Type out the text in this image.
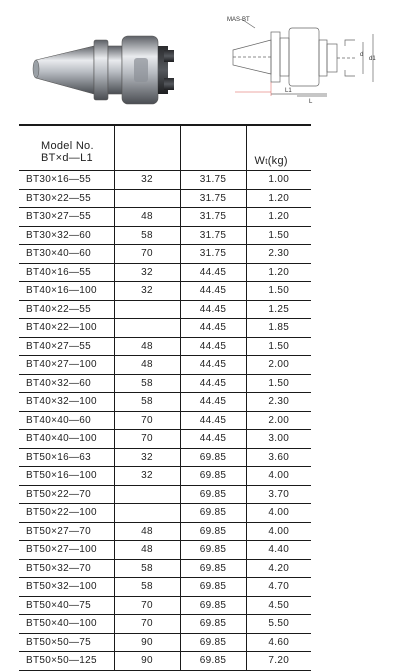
MAS-BT
L1
L
d
d1
Model No.
BT×d—L1			Wt(kg)
BT30×16—55	32	31.75	1.00
BT30×22—55		31.75	1.20
BT30×27—55	48	31.75	1.20
BT30×32—60	58	31.75	1.50
BT30×40—60	70	31.75	2.30
BT40×16—55	32	44.45	1.20
BT40×16—100	32	44.45	1.50
BT40×22—55		44.45	1.25
BT40×22—100		44.45	1.85
BT40×27—55	48	44.45	1.50
BT40×27—100	48	44.45	2.00
BT40×32—60	58	44.45	1.50
BT40×32—100	58	44.45	2.30
BT40×40—60	70	44.45	2.00
BT40×40—100	70	44.45	3.00
BT50×16—63	32	69.85	3.60
BT50×16—100	32	69.85	4.00
BT50×22—70		69.85	3.70
BT50×22—100		69.85	4.00
BT50×27—70	48	69.85	4.00
BT50×27—100	48	69.85	4.40
BT50×32—70	58	69.85	4.20
BT50×32—100	58	69.85	4.70
BT50×40—75	70	69.85	4.50
BT50×40—100	70	69.85	5.50
BT50×50—75	90	69.85	4.60
BT50×50—125	90	69.85	7.20
